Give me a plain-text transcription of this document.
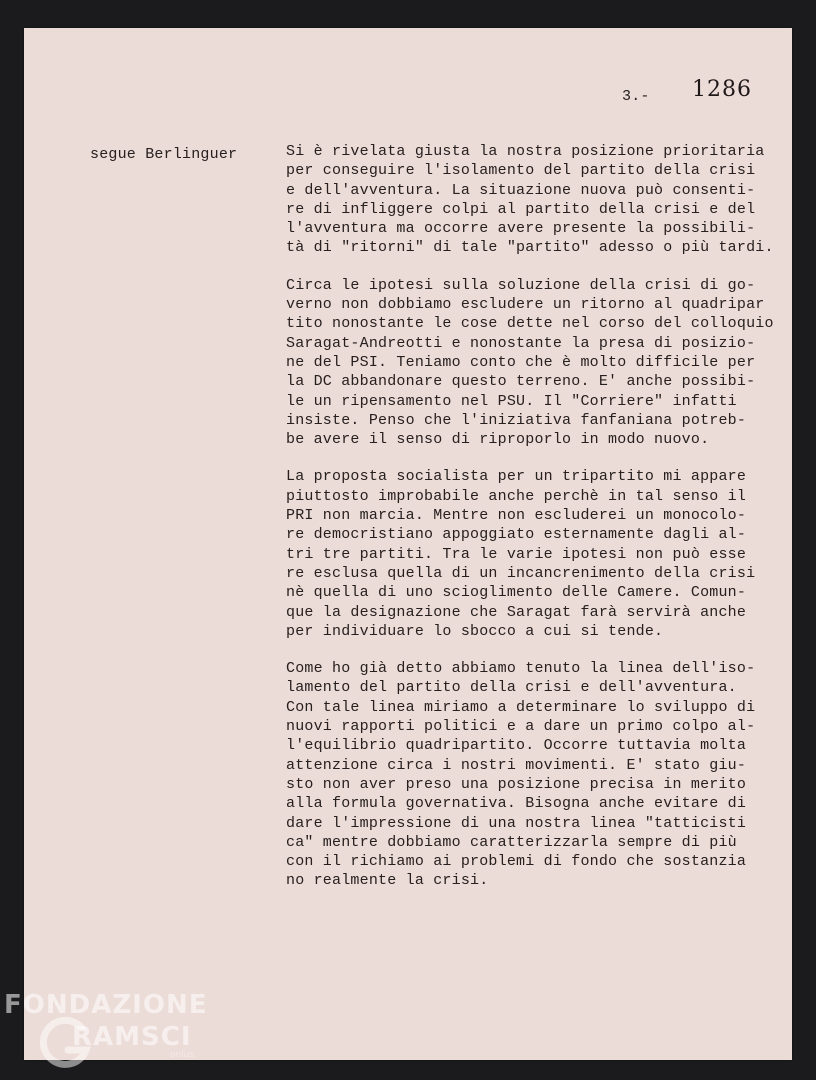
3.- 1286
segue Berlinguer	Si è rivelata giusta la nostra posizione prioritaria
per conseguire l'isolamento del partito della crisi
e dell'avventura. La situazione nuova può consenti-
re di infliggere colpi al partito della crisi e del
l'avventura ma occorre avere presente la possibili-
tà di "ritorni" di tale "partito" adesso o più tardi.
Circa le ipotesi sulla soluzione della crisi di go-
verno non dobbiamo escludere un ritorno al quadripar
tito nonostante le cose dette nel corso del colloquio
Saragat-Andreotti e nonostante la presa di posizio-
ne del PSI. Teniamo conto che è molto difficile per
la DC abbandonare questo terreno. E' anche possibi-
le un ripensamento nel PSU. Il "Corriere" infatti
insiste. Penso che l'iniziativa fanfaniana potreb-
be avere il senso di riproporlo in modo nuovo.
La proposta socialista per un tripartito mi appare
piuttosto improbabile anche perchè in tal senso il
PRI non marcia. Mentre non escluderei un monocolo-
re democristiano appoggiato esternamente dagli al-
tri tre partiti. Tra le varie ipotesi non può esse
re esclusa quella di un incancrenimento della crisi
nè quella di uno scioglimento delle Camere. Comun-
que la designazione che Saragat farà servirà anche
per individuare lo sbocco a cui si tende.
Come ho già detto abbiamo tenuto la linea dell'iso-
lamento del partito della crisi e dell'avventura.
Con tale linea miriamo a determinare lo sviluppo di
nuovi rapporti politici e a dare un primo colpo al-
l'equilibrio quadripartito. Occorre tuttavia molta
attenzione circa i nostri movimenti. E' stato giu-
sto non aver preso una posizione precisa in merito
alla formula governativa. Bisogna anche evitare di
dare l'impressione di una nostra linea "tatticisti
ca" mentre dobbiamo caratterizzarla sempre di più
con il richiamo ai problemi di fondo che sostanzia
no realmente la crisi.
FONDAZIONE
RAMSCI
onlus
